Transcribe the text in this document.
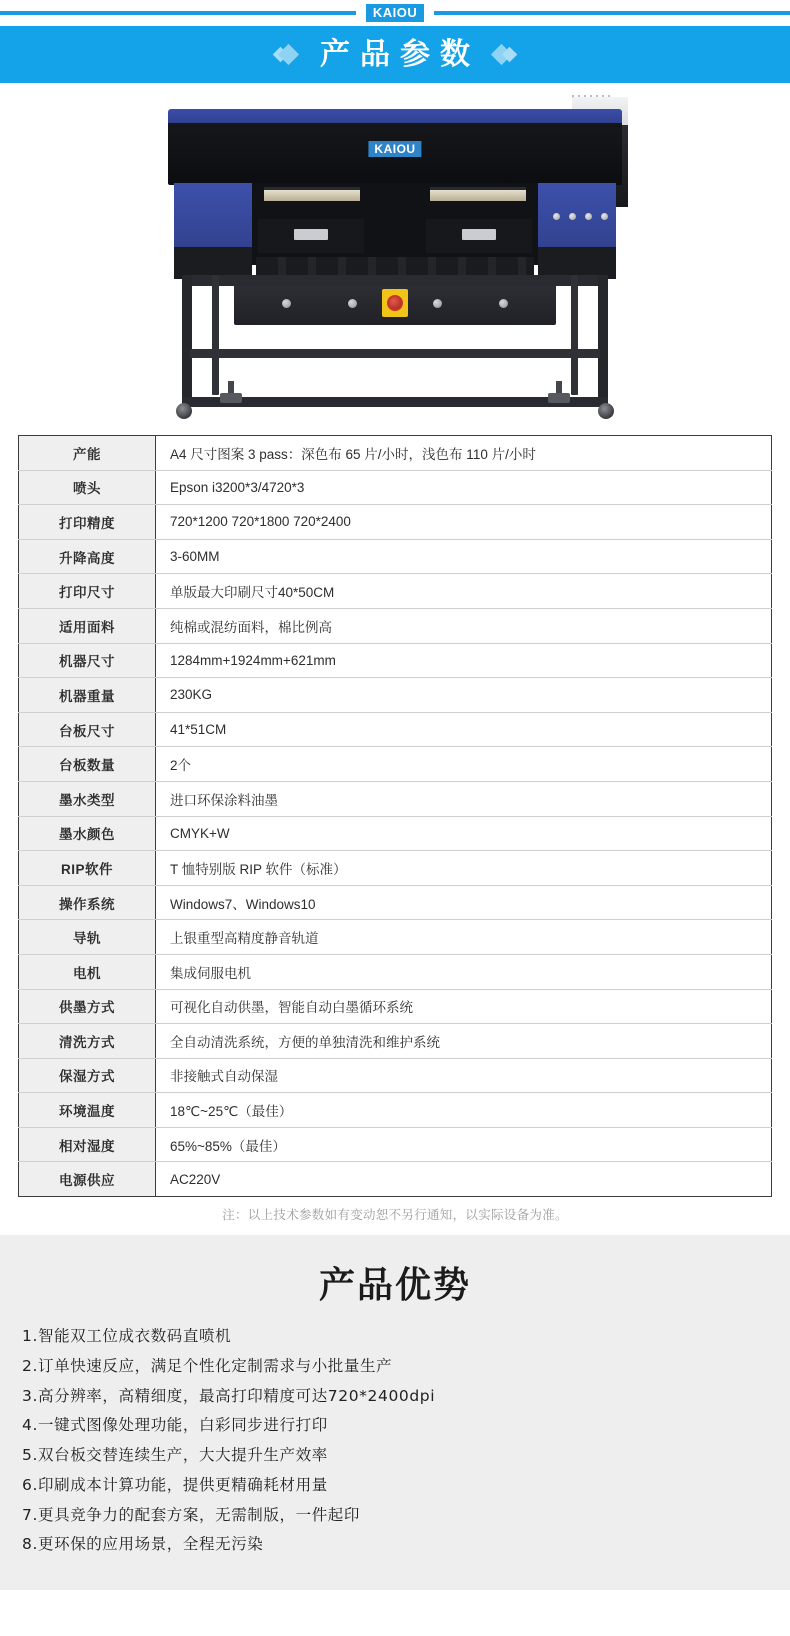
KAIOU
产品参数
KAIOU
产能	A4 尺寸图案 3 pass：深色布 65 片/小时，浅色布 110 片/小时
喷头	Epson i3200*3/4720*3
打印精度	720*1200 720*1800 720*2400
升降高度	3-60MM
打印尺寸	单版最大印刷尺寸40*50CM
适用面料	纯棉或混纺面料，棉比例高
机器尺寸	1284mm+1924mm+621mm
机器重量	230KG
台板尺寸	41*51CM
台板数量	2个
墨水类型	进口环保涂料油墨
墨水颜色	CMYK+W
RIP软件	T 恤特别版 RIP 软件（标准）
操作系统	Windows7、Windows10
导轨	上银重型高精度静音轨道
电机	集成伺服电机
供墨方式	可视化自动供墨，智能自动白墨循环系统
清洗方式	全自动清洗系统，方便的单独清洗和维护系统
保湿方式	非接触式自动保湿
环境温度	18℃~25℃（最佳）
相对湿度	65%~85%（最佳）
电源供应	AC220V
注：以上技术参数如有变动恕不另行通知，以实际设备为准。
产品优势
1.智能双工位成衣数码直喷机
2.订单快速反应，满足个性化定制需求与小批量生产
3.高分辨率，高精细度，最高打印精度可达720*2400dpi
4.一键式图像处理功能，白彩同步进行打印
5.双台板交替连续生产，大大提升生产效率
6.印刷成本计算功能，提供更精确耗材用量
7.更具竞争力的配套方案，无需制版，一件起印
8.更环保的应用场景，全程无污染
